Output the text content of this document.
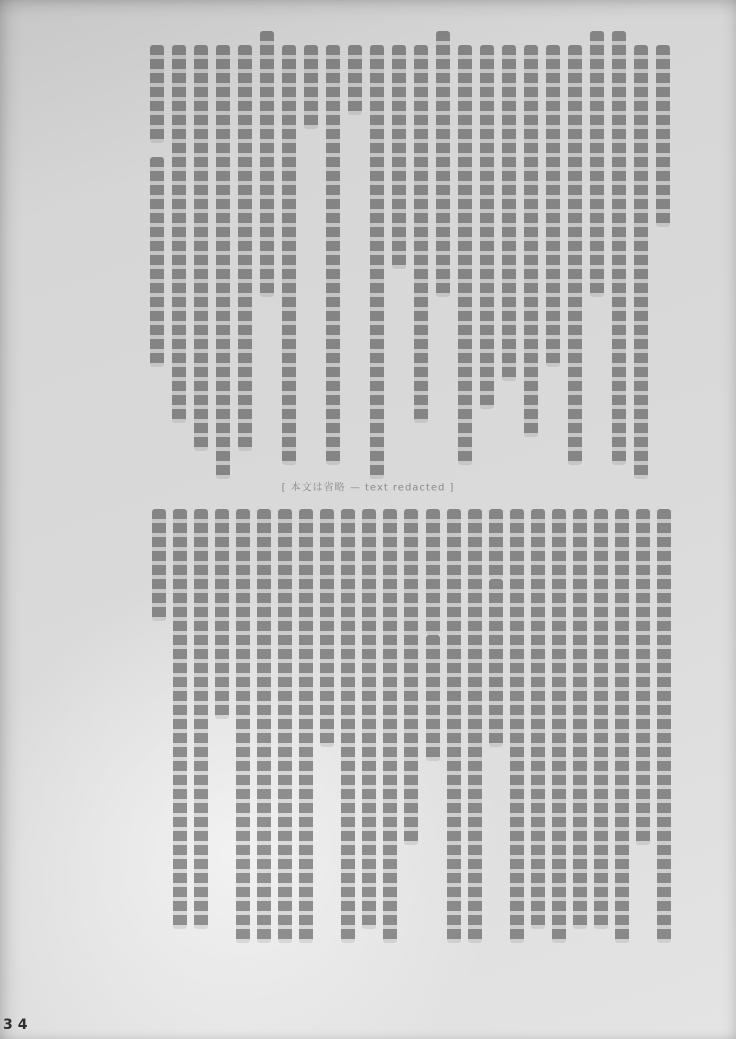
[ 本文は省略 — text redacted ]
34
